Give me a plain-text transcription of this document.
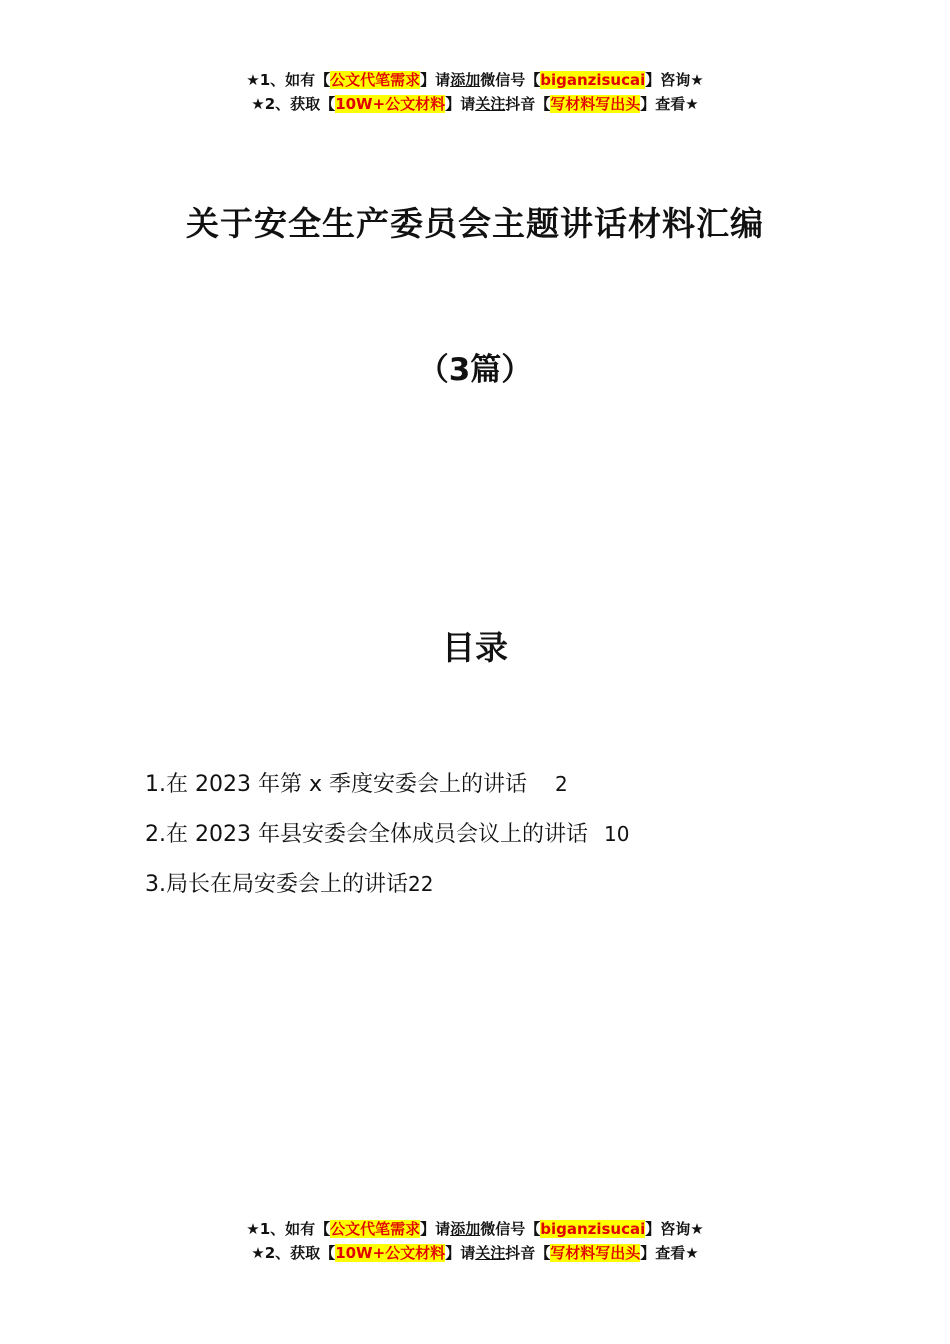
★1、如有【公文代笔需求】请添加微信号【biganzisucai】咨询★
★2、获取【10W+公文材料】请关注抖音【写材料写出头】查看★
关于安全生产委员会主题讲话材料汇编
（3篇）
目录
1.在 2023 年第 x 季度安委会上的讲话 2
2.在 2023 年县安委会全体成员会议上的讲话 10
3.局长在局安委会上的讲话22
★1、如有【公文代笔需求】请添加微信号【biganzisucai】咨询★
★2、获取【10W+公文材料】请关注抖音【写材料写出头】查看★
